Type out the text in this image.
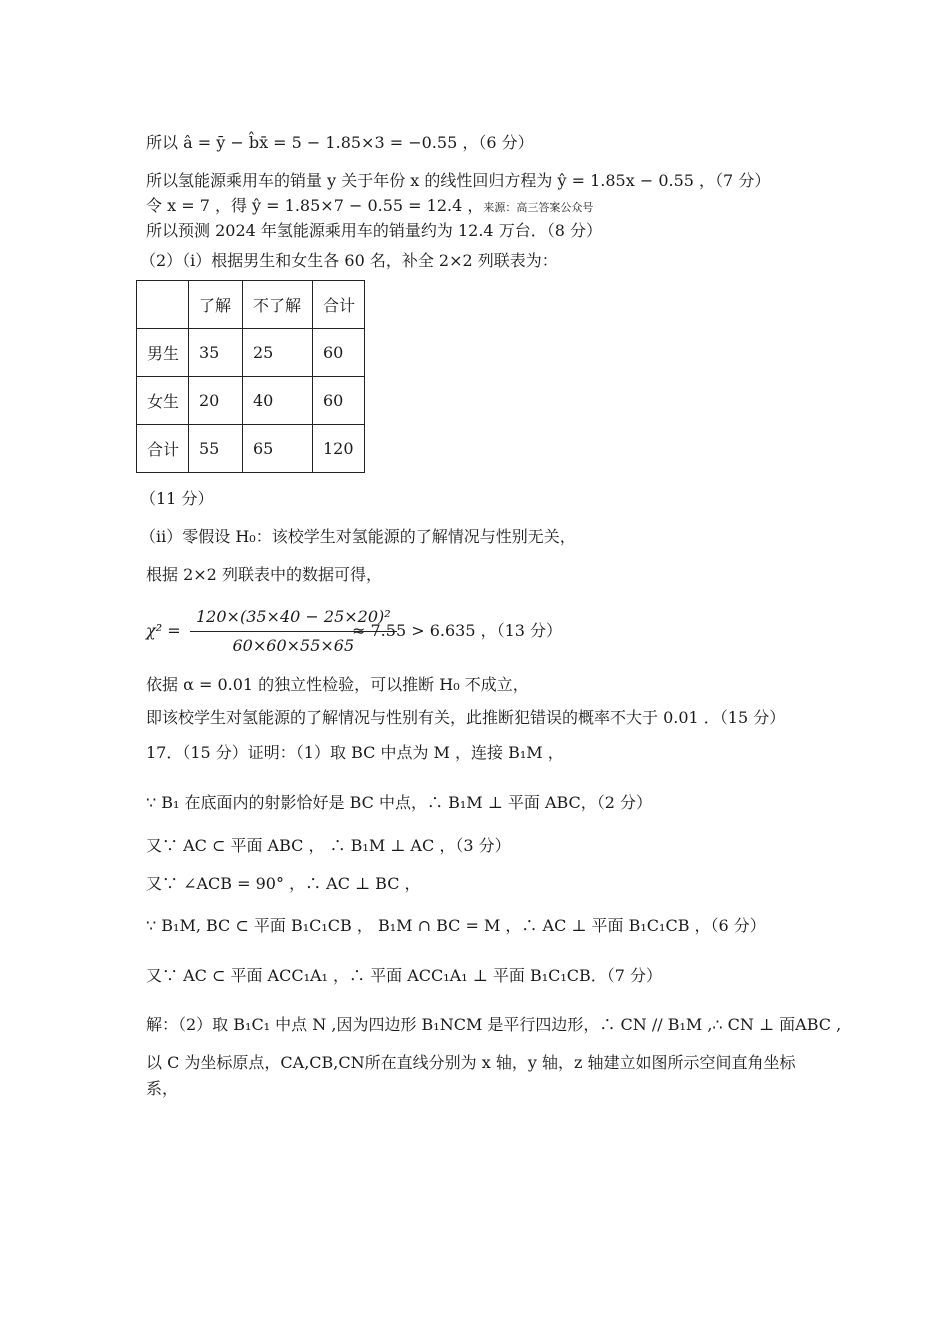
所以 â = ȳ − b̂x̄ = 5 − 1.85×3 = −0.55 ，（6 分）
所以氢能源乘用车的销量 y 关于年份 x 的线性回归方程为 ŷ = 1.85x − 0.55 ，（7 分）
令 x = 7 ，得 ŷ = 1.85×7 − 0.55 = 12.4 ，来源：高三答案公众号
所以预测 2024 年氢能源乘用车的销量约为 12.4 万台．（8 分）
（2）（i）根据男生和女生各 60 名，补全 2×2 列联表为：
	了解	不了解	合计
男生	35	25	60
女生	20	40	60
合计	55	65	120
（11 分）
（ii）零假设 H₀：该校学生对氢能源的了解情况与性别无关，
根据 2×2 列联表中的数据可得，
$\chi^2 = \frac{\text{120×(35×40 − 25×20)²}}{60\times 60\times 55\times 65}$
≈ 7.55 > 6.635 ，（13 分）
依据 α = 0.01 的独立性检验，可以推断 H₀ 不成立，
即该校学生对氢能源的了解情况与性别有关，此推断犯错误的概率不大于 0.01 ．（15 分）
17．（15 分）证明：（1）取 BC 中点为 M ，连接 B₁M ，
∵ B₁ 在底面内的射影恰好是 BC 中点，∴ B₁M ⊥ 平面 ABC，（2 分）
又∵ AC ⊂ 平面 ABC ， ∴ B₁M ⊥ AC ，（3 分）
又∵ ∠ACB = 90° ，∴ AC ⊥ BC ，
∵ B₁M, BC ⊂ 平面 B₁C₁CB ， B₁M ∩ BC = M ，∴ AC ⊥ 平面 B₁C₁CB ，（6 分）
又∵ AC ⊂ 平面 ACC₁A₁ ，∴ 平面 ACC₁A₁ ⊥ 平面 B₁C₁CB．（7 分）
解：（2）取 B₁C₁ 中点 N ,因为四边形 B₁NCM 是平行四边形，∴ CN // B₁M ,∴ CN ⊥ 面ABC ,
以 C 为坐标原点，CA,CB,CN所在直线分别为 x 轴，y 轴，z 轴建立如图所示空间直角坐标
系，
